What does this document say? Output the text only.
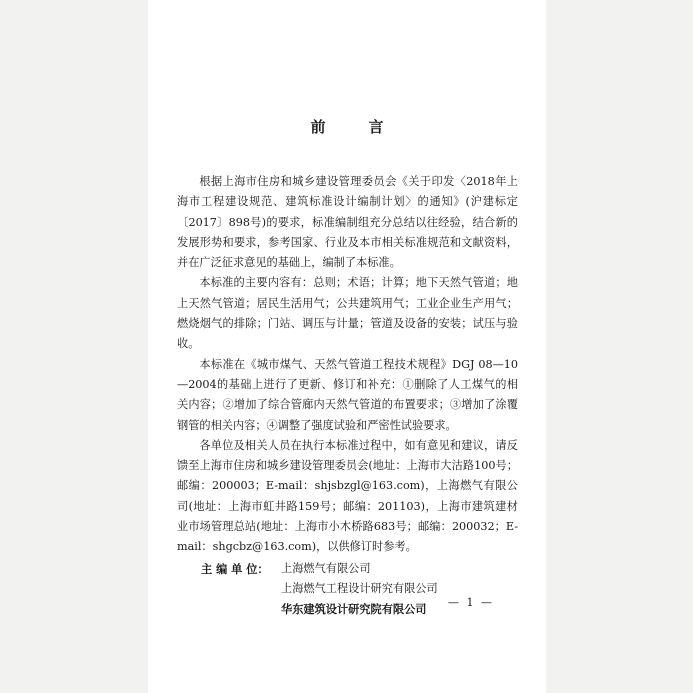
前　言

根据上海市住房和城乡建设管理委员会《关于印发〈2018年上海市工程建设规范、建筑标准设计编制计划〉的通知》(沪建标定〔2017〕898号)的要求，标准编制组充分总结以往经验，结合新的发展形势和要求，参考国家、行业及本市相关标准规范和文献资料，并在广泛征求意见的基础上，编制了本标准。

本标准的主要内容有：总则；术语；计算；地下天然气管道；地上天然气管道；居民生活用气；公共建筑用气；工业企业生产用气；燃烧烟气的排除；门站、调压与计量；管道及设备的安装；试压与验收。

本标准在《城市煤气、天然气管道工程技术规程》DGJ 08—10—2004的基础上进行了更新、修订和补充：①删除了人工煤气的相关内容；②增加了综合管廊内天然气管道的布置要求；③增加了涂覆钢管的相关内容；④调整了强度试验和严密性试验要求。

各单位及相关人员在执行本标准过程中，如有意见和建议，请反馈至上海市住房和城乡建设管理委员会(地址：上海市大沽路100号；邮编：200003；E-mail：shjsbzgl@163.com)，上海燃气有限公司(地址：上海市虹井路159号；邮编：201103)，上海市建筑建材业市场管理总站(地址：上海市小木桥路683号；邮编：200032；E-mail：shgcbz@163.com)，以供修订时参考。

主 编 单 位：	上海燃气有限公司
上海燃气工程设计研究有限公司
华东建筑设计研究院有限公司	— 1 —
